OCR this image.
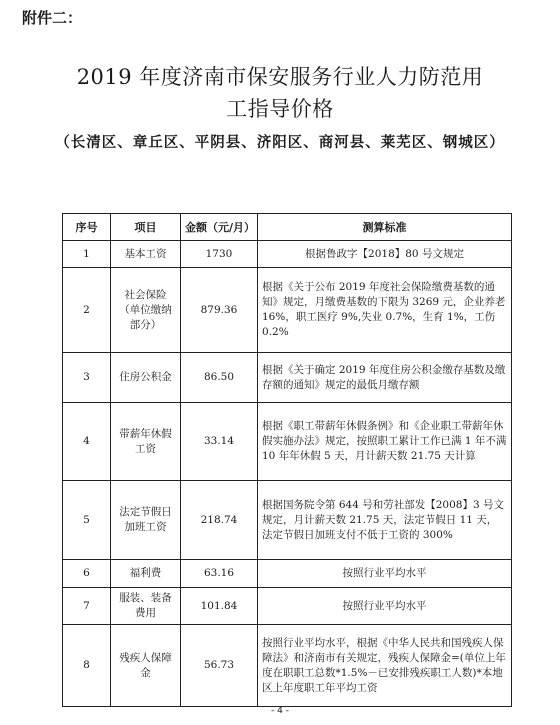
附件二：
2019 年度济南市保安服务行业人力防范用
工指导价格
（长清区、章丘区、平阴县、济阳区、商河县、莱芜区、钢城区）
序号	项目	金额（元/月）	测算标准
1	基本工资	1730	根据鲁政字【2018】80 号文规定
2	社会保险（单位缴纳部分）	879.36	根据《关于公布 2019 年度社会保险缴费基数的通知》规定，月缴费基数的下限为 3269 元，企业养老 16%，职工医疗 9%,失业 0.7%，生育 1%，工伤 0.2%
3	住房公积金	86.50	根据《关于确定 2019 年度住房公积金缴存基数及缴存额的通知》规定的最低月缴存额
4	带薪年休假工资	33.14	根据《职工带薪年休假条例》和《企业职工带薪年休假实施办法》规定，按照职工累计工作已满 1 年不满 10 年年休假 5 天，月计薪天数 21.75 天计算
5	法定节假日加班工资	218.74	根据国务院令第 644 号和劳社部发【2008】3 号文规定，月计薪天数 21.75 天，法定节假日 11 天，法定节假日加班支付不低于工资的 300%
6	福利费	63.16	按照行业平均水平
7	服装、装备费用	101.84	按照行业平均水平
8	残疾人保障金	56.73	按照行业平均水平，根据《中华人民共和国残疾人保障法》和济南市有关规定，残疾人保障金=(单位上年度在职职工总数*1.5%－已安排残疾职工人数)*本地区上年度职工年平均工资
- 4 -
